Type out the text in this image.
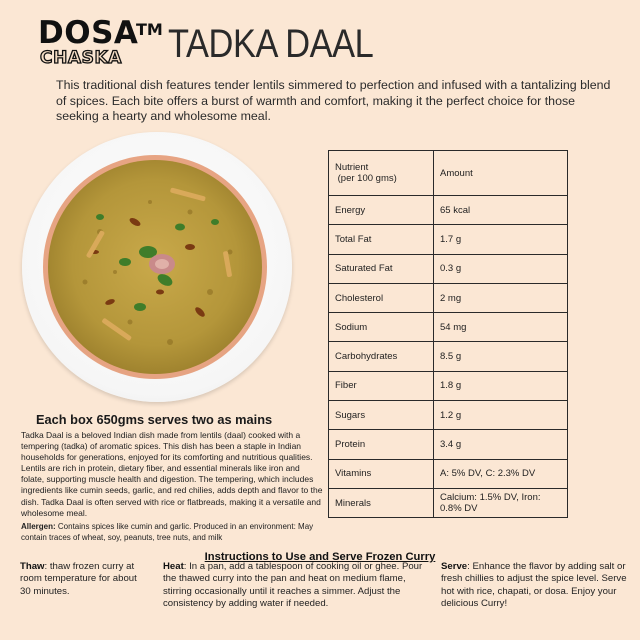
DOSA
TM
CHASKA TADKA DAAL
This traditional dish features tender lentils simmered to perfection and infused with a tantalizing blend of spices. Each bite offers a burst of warmth and comfort, making it the perfect choice for those seeking a hearty and wholesome meal.
Nutrient
(per 100 gms)	Amount
Energy	65 kcal
Total Fat	1.7 g
Saturated Fat	0.3 g
Cholesterol	2 mg
Sodium	54 mg
Carbohydrates	8.5 g
Fiber	1.8 g
Sugars	1.2 g
Protein	3.4 g
Vitamins	A: 5% DV, C: 2.3% DV
Minerals	Calcium: 1.5% DV, Iron: 0.8% DV
Each box 650gms serves two as mains
Tadka Daal is a beloved Indian dish made from lentils (daal) cooked with a tempering (tadka) of aromatic spices. This dish has been a staple in Indian households for generations, enjoyed for its comforting and nutritious qualities. Lentils are rich in protein, dietary fiber, and essential minerals like iron and folate, supporting muscle health and digestion. The tempering, which includes ingredients like cumin seeds, garlic, and red chilies, adds depth and flavor to the dish. Tadka Daal is often served with rice or flatbreads, making it a versatile and wholesome meal.
Allergen: Contains spices like cumin and garlic. Produced in an environment: May contain traces of wheat, soy, peanuts, tree nuts, and milk
Instructions to Use and Serve Frozen Curry
Thaw: thaw frozen curry at room temperature for about 30 minutes.
Heat: In a pan, add a tablespoon of cooking oil or ghee. Pour the thawed curry into the pan and heat on medium flame, stirring occasionally until it reaches a simmer. Adjust the consistency by adding water if needed.
Serve: Enhance the flavor by adding salt or fresh chillies to adjust the spice level. Serve hot with rice, chapati, or dosa. Enjoy your delicious Curry!
